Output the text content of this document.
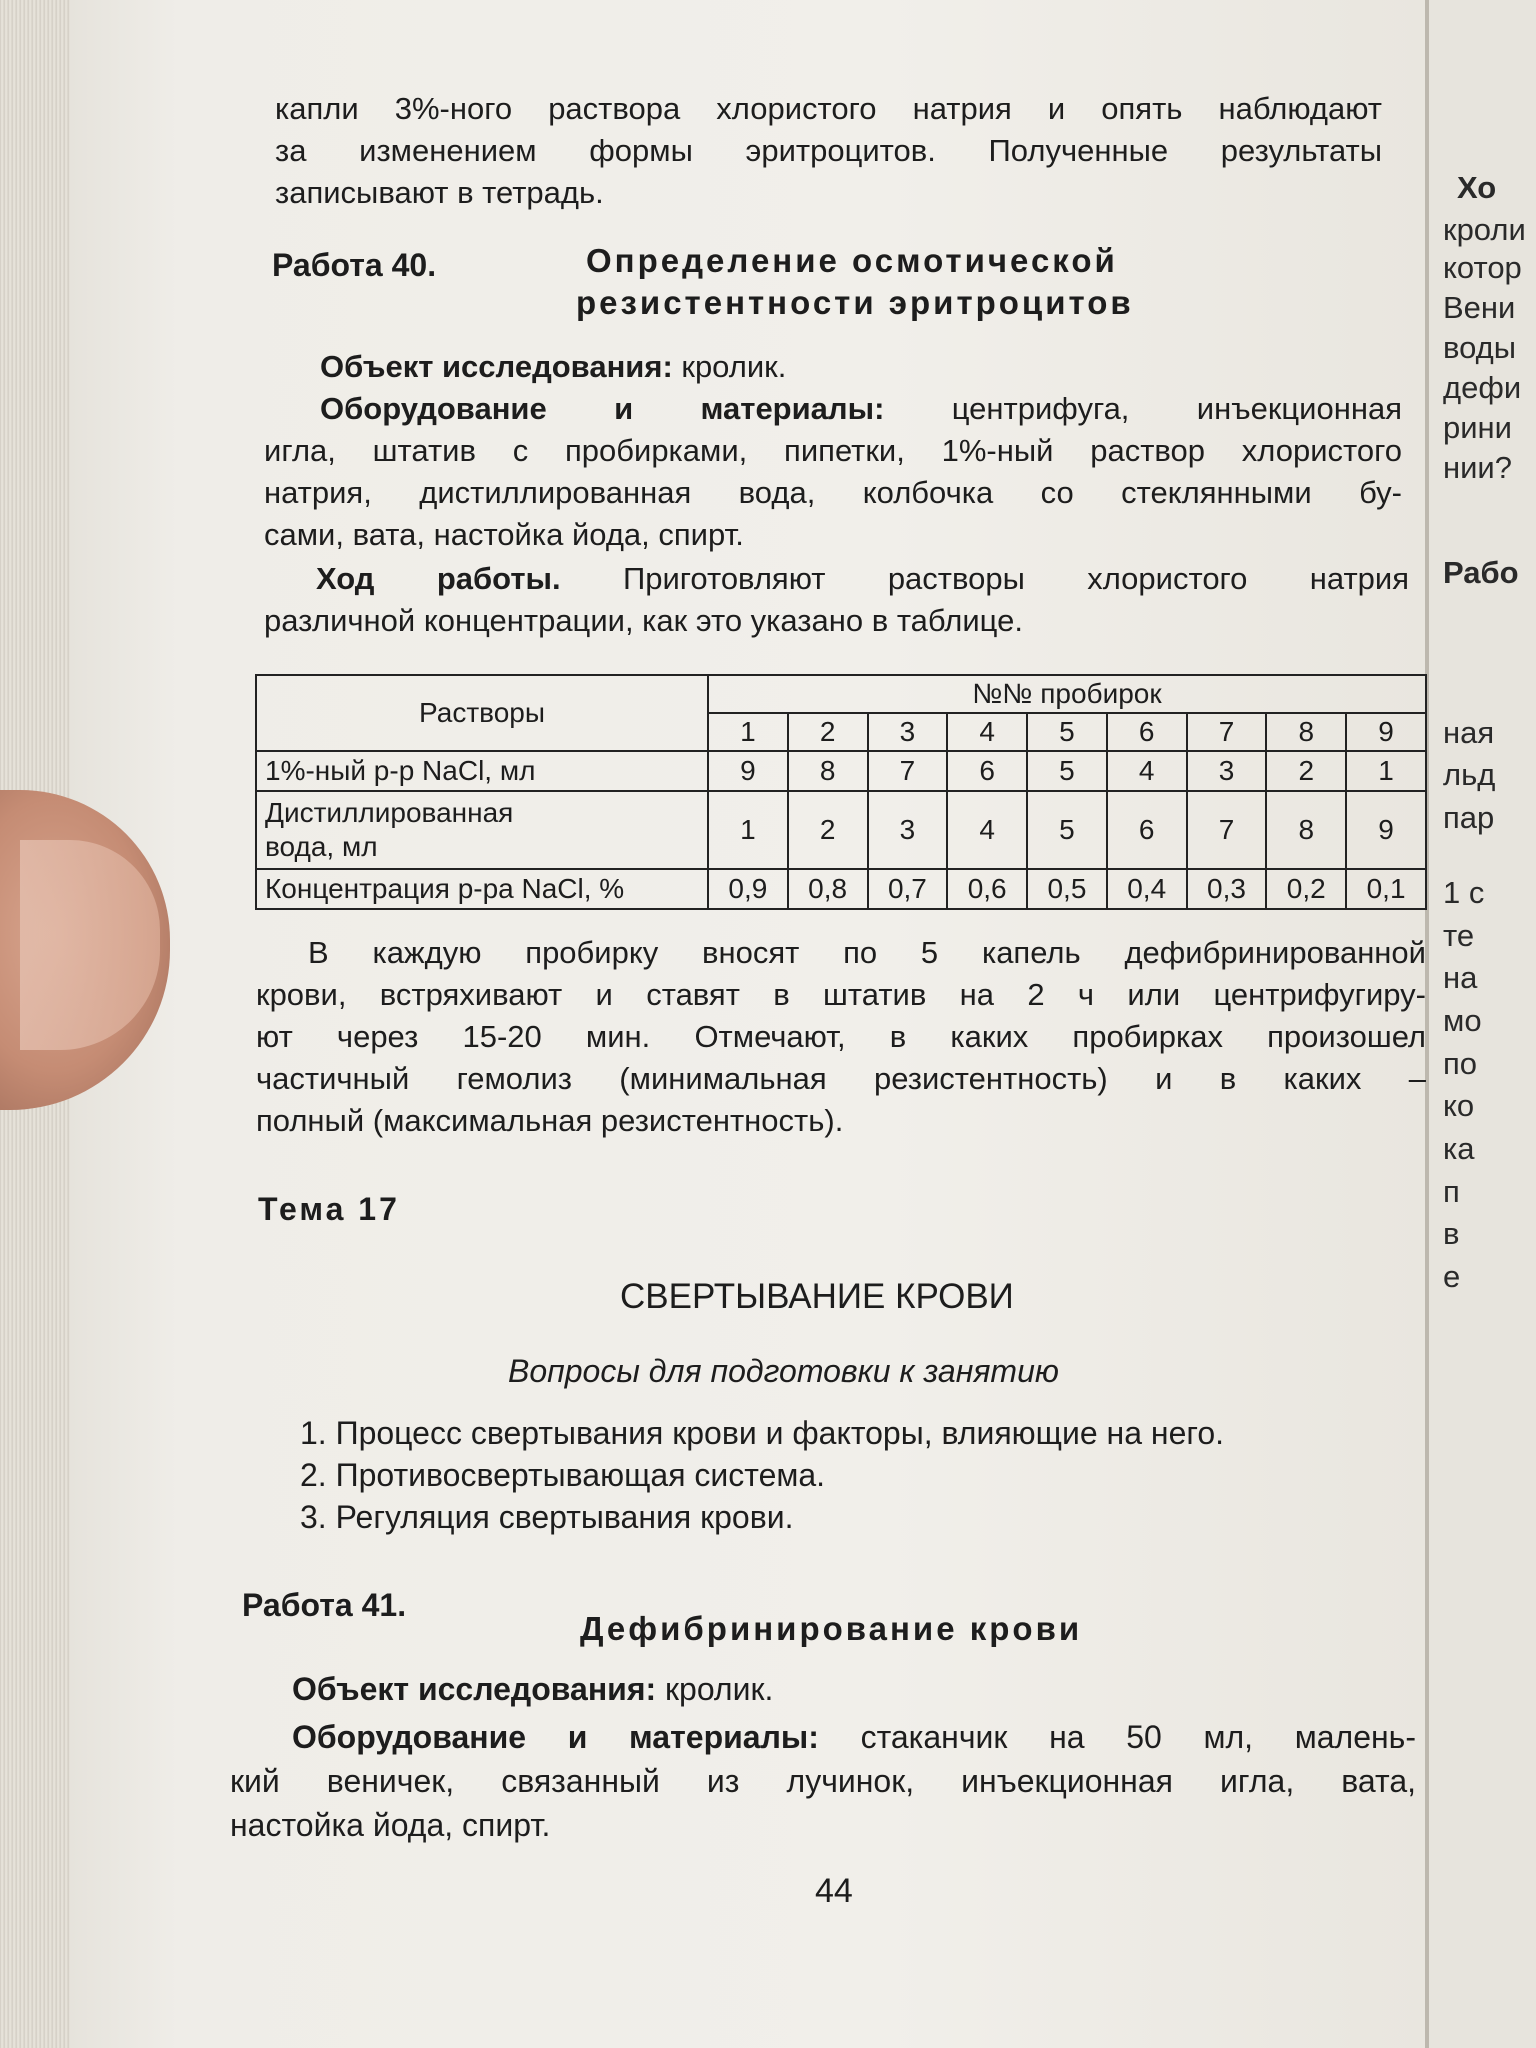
Хо
кроли
котор
Вени
воды
дефи
рини
нии?
Рабо
ная
льд
пар
1 с
те
на
мо
по
ко
ка
п
в
е
капли 3%-ного раствора хлористого натрия и опять наблюдают
за изменением формы эритроцитов. Полученные результаты
записывают в тетрадь.
Работа 40.	Определение осмотической
резистентности эритроцитов
Объект исследования: кролик.
Оборудование и материалы: центрифуга, инъекционная
игла, штатив с пробирками, пипетки, 1%-ный раствор хлористого
натрия, дистиллированная вода, колбочка со стеклянными бу-
сами, вата, настойка йода, спирт.
Ход работы. Приготовляют растворы хлористого натрия
различной концентрации, как это указано в таблице.
Растворы	№№ пробирок								
	1	2	3	4	5	6	7	8	9
1%-ный р-р NaCl, мл	9	8	7	6	5	4	3	2	1
Дистиллированная
вода, мл	1	2	3	4	5	6	7	8	9
Концентрация р-ра NaCl, %	0,9	0,8	0,7	0,6	0,5	0,4	0,3	0,2	0,1
В каждую пробирку вносят по 5 капель дефибринированной
крови, встряхивают и ставят в штатив на 2 ч или центрифугиру-
ют через 15-20 мин. Отмечают, в каких пробирках произошел
частичный гемолиз (минимальная резистентность) и в каких –
полный (максимальная резистентность).
Тема 17
СВЕРТЫВАНИЕ КРОВИ
Вопросы для подготовки к занятию
1. Процесс свертывания крови и факторы, влияющие на него.
2. Противосвертывающая система.
3. Регуляция свертывания крови.
Работа 41.
Дефибринирование крови
Объект исследования: кролик.
Оборудование и материалы: стаканчик на 50 мл, малень-
кий веничек, связанный из лучинок, инъекционная игла, вата,
настойка йода, спирт.
44
